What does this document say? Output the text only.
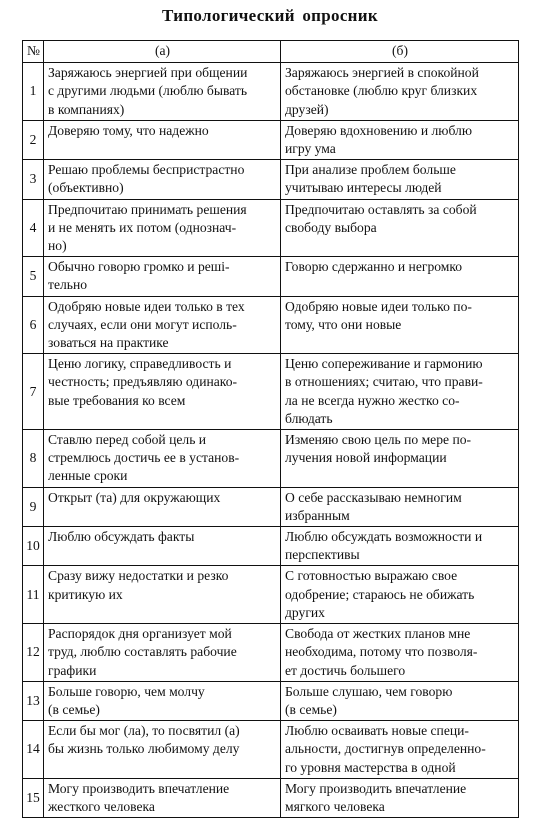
Типологический опросник
№	(а)	(б)
1	Заряжаюсь энергией при общении
с другими людьми (люблю бывать
в компаниях)	Заряжаюсь энергией в спокойной
обстановке (люблю круг близких
друзей)
2	Доверяю тому, что надежно	Доверяю вдохновению и люблю
игру ума
3	Решаю проблемы беспристрастно
(объективно)	При анализе проблем больше
учитываю интересы людей
4	Предпочитаю принимать решения
и не менять их потом (однознач-
но)	Предпочитаю оставлять за собой
свободу выбора
5	Обычно говорю громко и решi-
тельно	Говорю сдержанно и негромко
6	Одобряю новые идеи только в тех
случаях, если они могут исполь-
зоваться на практике	Одобряю новые идеи только по-
тому, что они новые
7	Ценю логику, справедливость и
честность; предъявляю одинако-
вые требования ко всем	Ценю сопереживание и гармонию
в отношениях; считаю, что прави-
ла не всегда нужно жестко со-
блюдать
8	Ставлю перед собой цель и
стремлюсь достичь ее в установ-
ленные сроки	Изменяю свою цель по мере по-
лучения новой информации
9	Открыт (та) для окружающих	О себе рассказываю немногим
избранным
10	Люблю обсуждать факты	Люблю обсуждать возможности и
перспективы
11	Сразу вижу недостатки и резко
критикую их	С готовностью выражаю свое
одобрение; стараюсь не обижать
других
12	Распорядок дня организует мой
труд, люблю составлять рабочие
графики	Свобода от жестких планов мне
необходима, потому что позволя-
ет достичь большего
13	Больше говорю, чем молчу
(в семье)	Больше слушаю, чем говорю
(в семье)
14	Если бы мог (ла), то посвятил (а)
бы жизнь только любимому делу	Люблю осваивать новые специ-
альности, достигнув определенно-
го уровня мастерства в одной
15	Могу производить впечатление
жесткого человека	Могу производить впечатление
мягкого человека
